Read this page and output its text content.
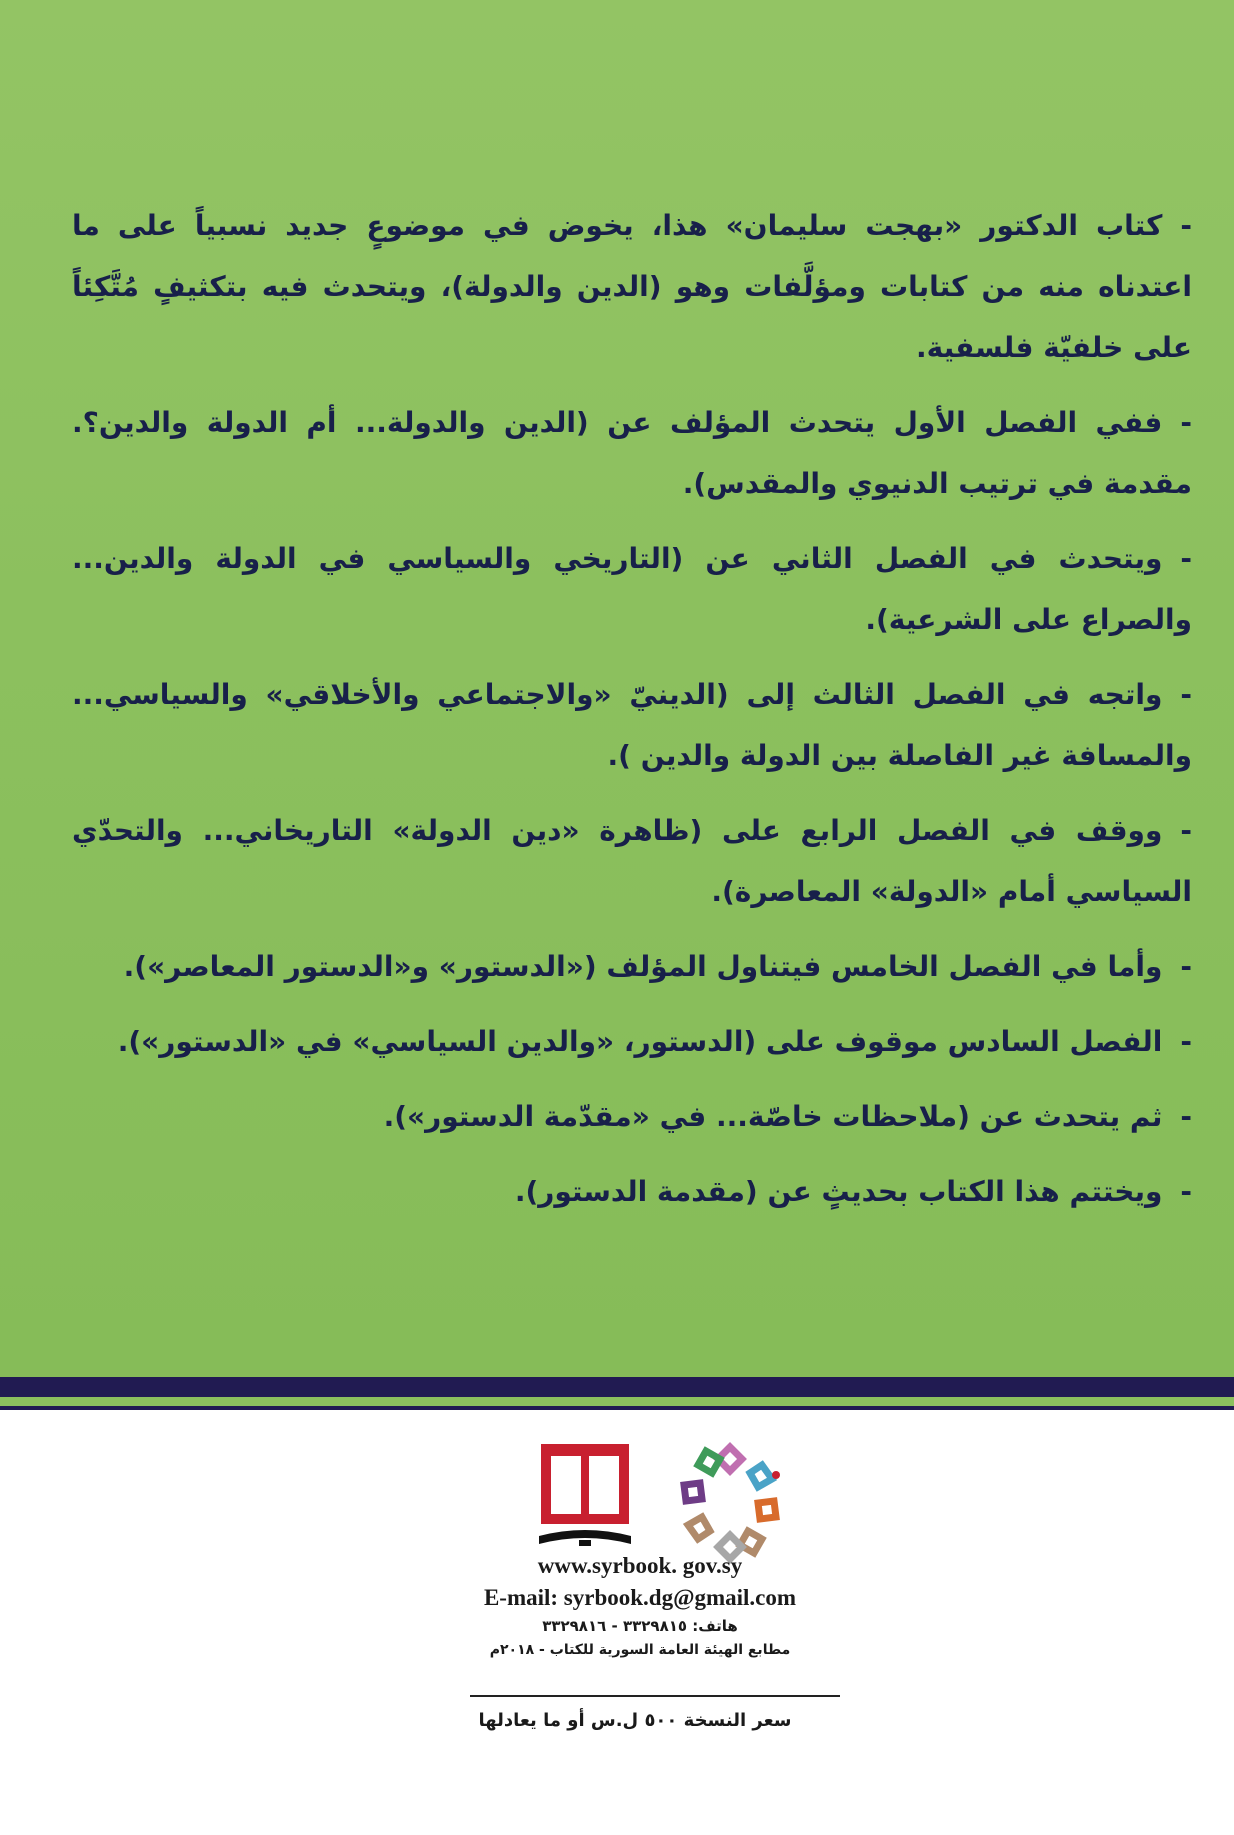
-كتاب الدكتور «بهجت سليمان» هذا، يخوض في موضوعٍ جديد نسبياً على ما اعتدناه منه من كتابات ومؤلَّفات وهو (الدين والدولة)، ويتحدث فيه بتكثيفٍ مُتَّكِئاً على خلفيّة فلسفية.

-ففي الفصل الأول يتحدث المؤلف عن (الدين والدولة... أم الدولة والدين؟. مقدمة في ترتيب الدنيوي والمقدس).

-ويتحدث في الفصل الثاني عن (التاريخي والسياسي في الدولة والدين... والصراع على الشرعية).

-واتجه في الفصل الثالث إلى (الدينيّ «والاجتماعي والأخلاقي» والسياسي... والمسافة غير الفاصلة بين الدولة والدين ).

-ووقف في الفصل الرابع على (ظاهرة «دين الدولة» التاريخاني... والتحدّي السياسي أمام «الدولة» المعاصرة).

-وأما في الفصل الخامس فيتناول المؤلف («الدستور» و«الدستور المعاصر»).

-الفصل السادس موقوف على (الدستور، «والدين السياسي» في «الدستور»).

-ثم يتحدث عن (ملاحظات خاصّة... في «مقدّمة الدستور»).

-ويختتم هذا الكتاب بحديثٍ عن (مقدمة الدستور).

www.syrbook. gov.sy
E-mail: syrbook.dg@gmail.com
هاتف: ٣٣٢٩٨١٥ - ٣٣٢٩٨١٦
مطابع الهيئة العامة السورية للكتاب - ٢٠١٨م
سعر النسخة ٥٠٠ ل.س أو ما يعادلها
